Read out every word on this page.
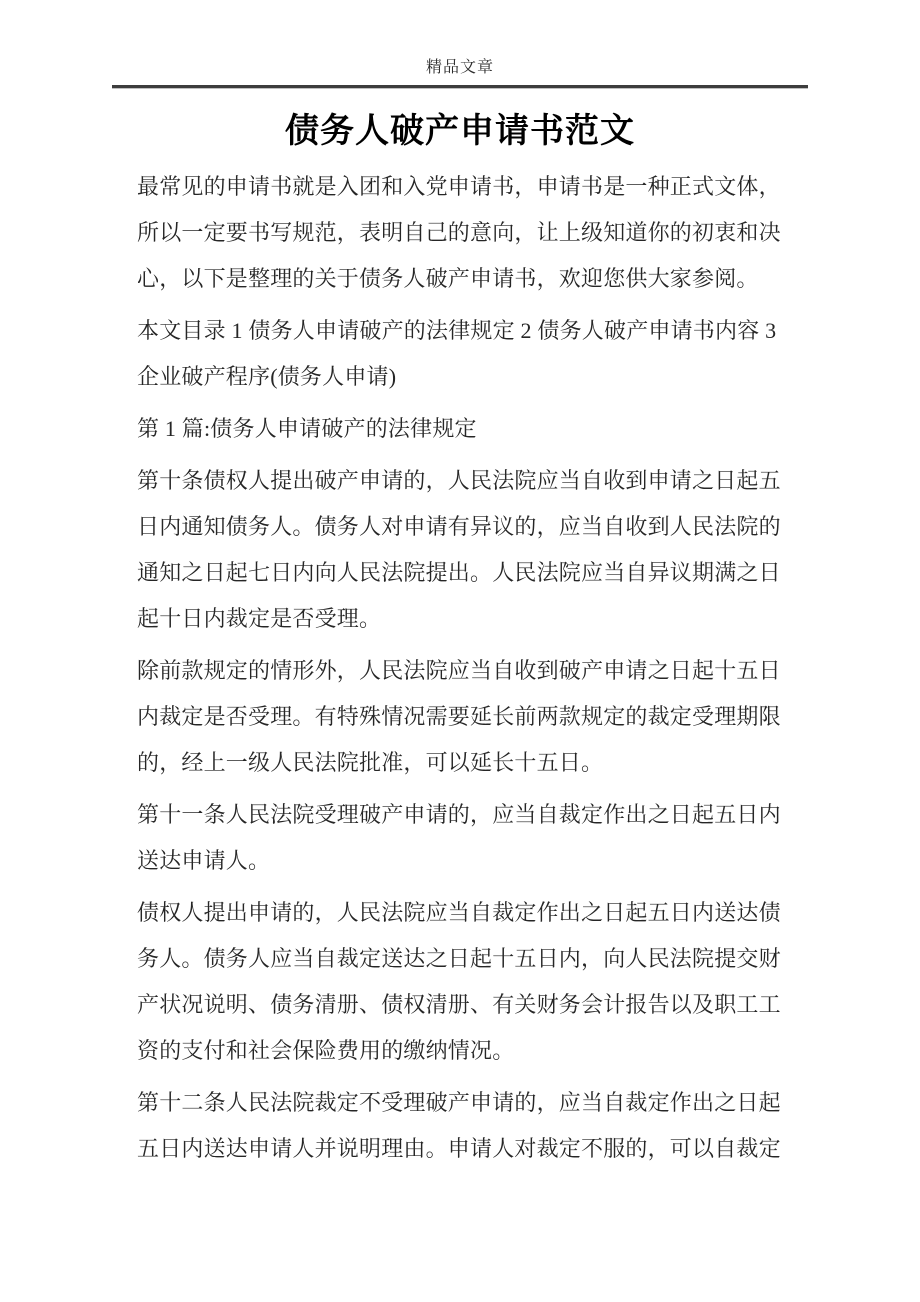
精品文章
债务人破产申请书范文

最常见的申请书就是入团和入党申请书，申请书是一种正式文体，
所以一定要书写规范，表明自己的意向，让上级知道你的初衷和决
心，以下是整理的关于债务人破产申请书，欢迎您供大家参阅。

本文目录 1 债务人申请破产的法律规定 2 债务人破产申请书内容 3
企业破产程序(债务人申请)

第 1 篇:债务人申请破产的法律规定

第十条债权人提出破产申请的，人民法院应当自收到申请之日起五
日内通知债务人。债务人对申请有异议的，应当自收到人民法院的
通知之日起七日内向人民法院提出。人民法院应当自异议期满之日
起十日内裁定是否受理。

除前款规定的情形外，人民法院应当自收到破产申请之日起十五日
内裁定是否受理。有特殊情况需要延长前两款规定的裁定受理期限
的，经上一级人民法院批准，可以延长十五日。

第十一条人民法院受理破产申请的，应当自裁定作出之日起五日内
送达申请人。

债权人提出申请的，人民法院应当自裁定作出之日起五日内送达债
务人。债务人应当自裁定送达之日起十五日内，向人民法院提交财
产状况说明、债务清册、债权清册、有关财务会计报告以及职工工
资的支付和社会保险费用的缴纳情况。

第十二条人民法院裁定不受理破产申请的，应当自裁定作出之日起
五日内送达申请人并说明理由。申请人对裁定不服的，可以自裁定
